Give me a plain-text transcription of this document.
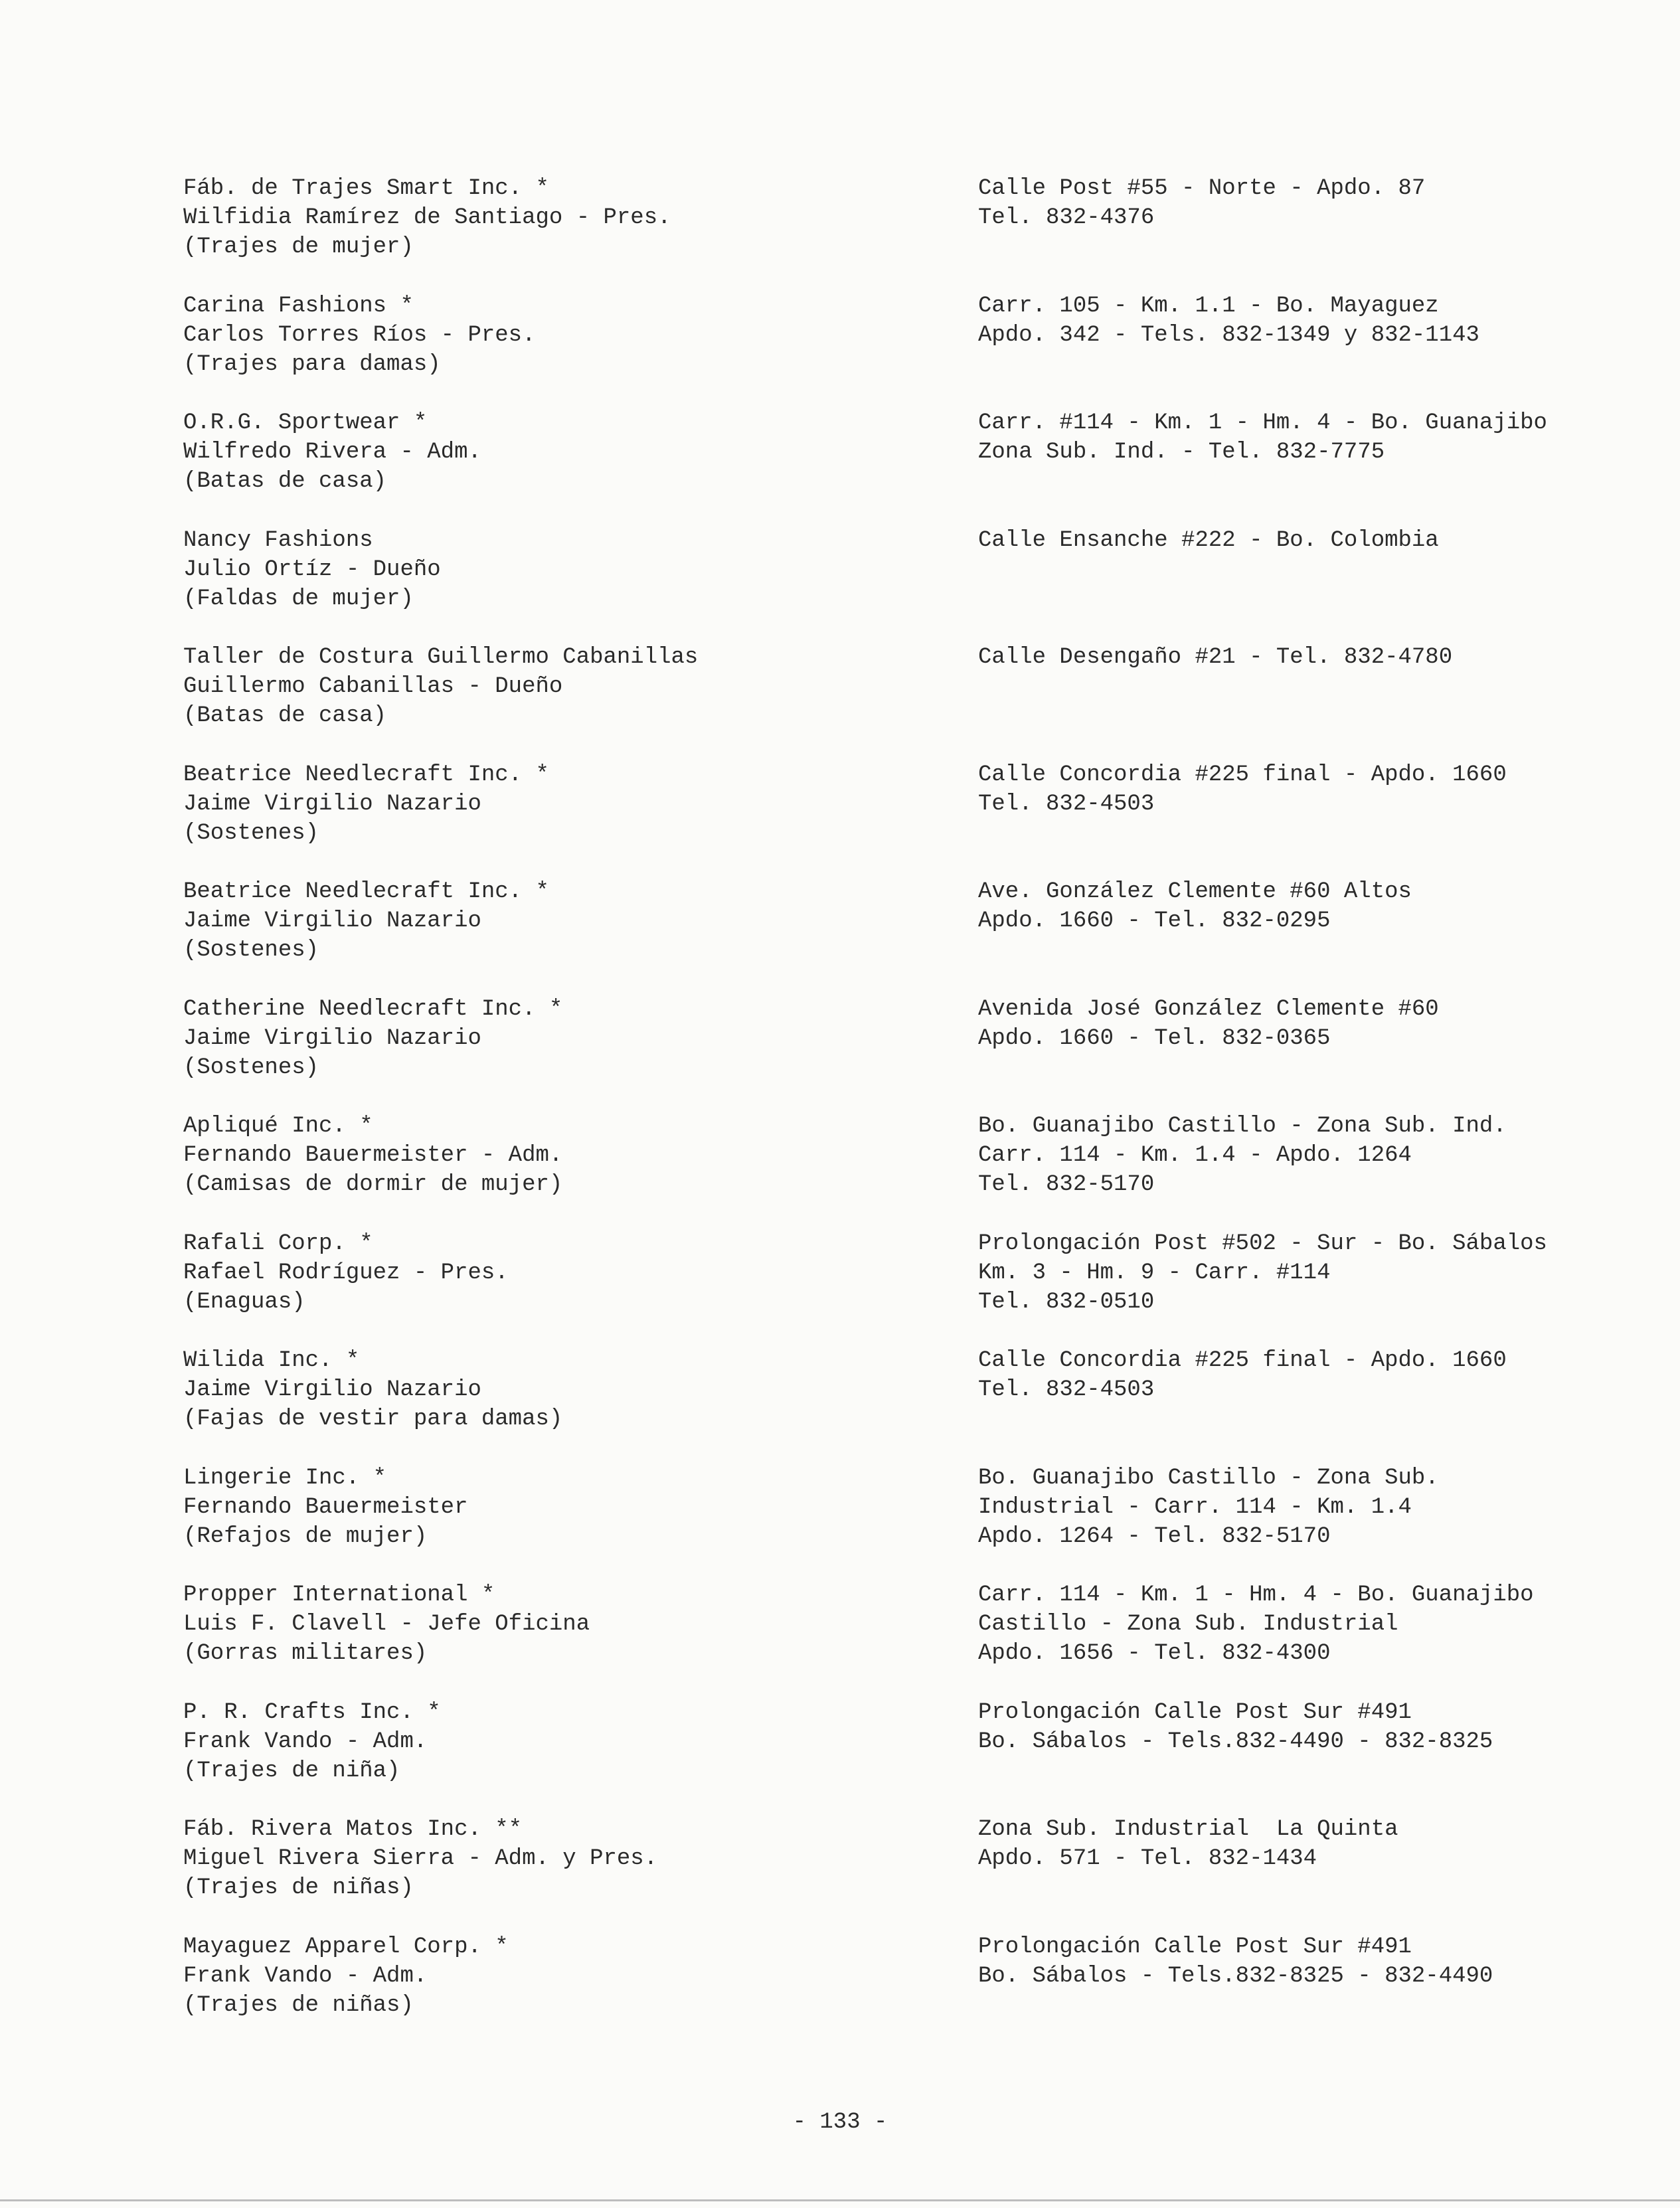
Fáb. de Trajes Smart Inc. *
Wilfidia Ramírez de Santiago - Pres.
(Trajes de mujer)
Calle Post #55 - Norte - Apdo. 87
Tel. 832-4376
Carina Fashions *
Carlos Torres Ríos - Pres.
(Trajes para damas)
Carr. 105 - Km. 1.1 - Bo. Mayaguez
Apdo. 342 - Tels. 832-1349 y 832-1143
O.R.G. Sportwear *
Wilfredo Rivera - Adm.
(Batas de casa)
Carr. #114 - Km. 1 - Hm. 4 - Bo. Guanajibo
Zona Sub. Ind. - Tel. 832-7775
Nancy Fashions
Julio Ortíz - Dueño
(Faldas de mujer)
Calle Ensanche #222 - Bo. Colombia
Taller de Costura Guillermo Cabanillas
Guillermo Cabanillas - Dueño
(Batas de casa)
Calle Desengaño #21 - Tel. 832-4780
Beatrice Needlecraft Inc. *
Jaime Virgilio Nazario
(Sostenes)
Calle Concordia #225 final - Apdo. 1660
Tel. 832-4503
Beatrice Needlecraft Inc. *
Jaime Virgilio Nazario
(Sostenes)
Ave. González Clemente #60 Altos
Apdo. 1660 - Tel. 832-0295
Catherine Needlecraft Inc. *
Jaime Virgilio Nazario
(Sostenes)
Avenida José González Clemente #60
Apdo. 1660 - Tel. 832-0365
Apliqué Inc. *
Fernando Bauermeister - Adm.
(Camisas de dormir de mujer)
Bo. Guanajibo Castillo - Zona Sub. Ind.
Carr. 114 - Km. 1.4 - Apdo. 1264
Tel. 832-5170
Rafali Corp. *
Rafael Rodríguez - Pres.
(Enaguas)
Prolongación Post #502 - Sur - Bo. Sábalos
Km. 3 - Hm. 9 - Carr. #114
Tel. 832-0510
Wilida Inc. *
Jaime Virgilio Nazario
(Fajas de vestir para damas)
Calle Concordia #225 final - Apdo. 1660
Tel. 832-4503
Lingerie Inc. *
Fernando Bauermeister
(Refajos de mujer)
Bo. Guanajibo Castillo - Zona Sub.
Industrial - Carr. 114 - Km. 1.4
Apdo. 1264 - Tel. 832-5170
Propper International *
Luis F. Clavell - Jefe Oficina
(Gorras militares)
Carr. 114 - Km. 1 - Hm. 4 - Bo. Guanajibo
Castillo - Zona Sub. Industrial
Apdo. 1656 - Tel. 832-4300
P. R. Crafts Inc. *
Frank Vando - Adm.
(Trajes de niña)
Prolongación Calle Post Sur #491
Bo. Sábalos - Tels.832-4490 - 832-8325
Fáb. Rivera Matos Inc. **
Miguel Rivera Sierra - Adm. y Pres.
(Trajes de niñas)
Zona Sub. Industrial  La Quinta
Apdo. 571 - Tel. 832-1434
Mayaguez Apparel Corp. *
Frank Vando - Adm.
(Trajes de niñas)
Prolongación Calle Post Sur #491
Bo. Sábalos - Tels.832-8325 - 832-4490
- 133 -
